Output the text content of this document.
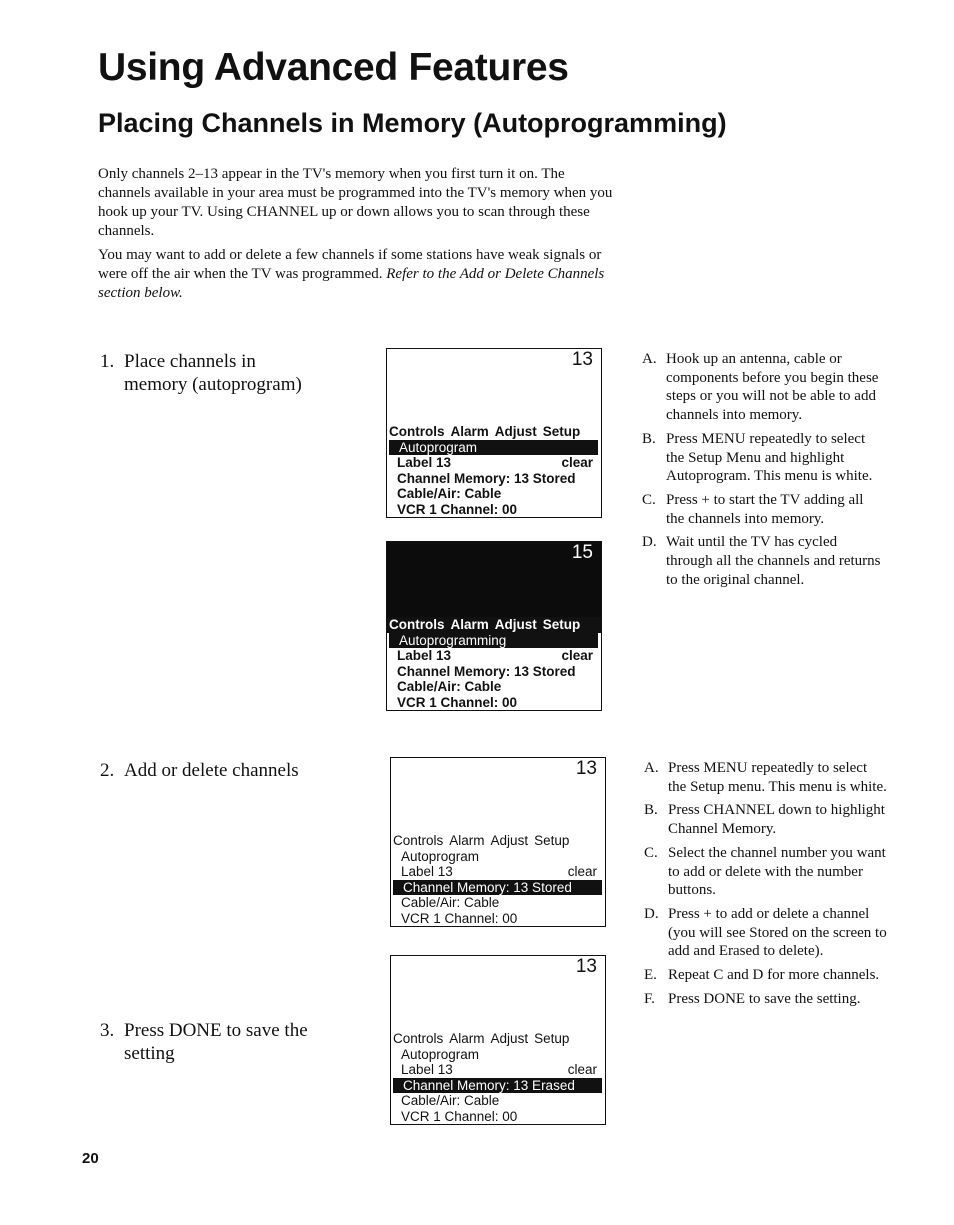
Using Advanced Features
Placing Channels in Memory (Autoprogramming)
Only channels 2–13 appear in the TV's memory when you first turn it on. The channels available in your area must be programmed into the TV's memory when you hook up your TV. Using CHANNEL up or down allows you to scan through these channels.
You may want to add or delete a few channels if some stations have weak signals or were off the air when the TV was programmed. Refer to the Add or Delete Channels section below.
1. Place channels in
memory (autoprogram)
2. Add or delete channels
3. Press DONE to save the
setting
13
Controls Alarm Adjust Setup
Autoprogram
Label 13	clear
Channel Memory: 13 Stored
Cable/Air: Cable
VCR 1 Channel: 00
15
Controls Alarm Adjust Setup
Autoprogramming
Label 13	clear
Channel Memory: 13 Stored
Cable/Air: Cable
VCR 1 Channel: 00
13
Controls Alarm Adjust Setup
Autoprogram
Label 13	clear
Channel Memory: 13 Stored
Cable/Air: Cable
VCR 1 Channel: 00
13
Controls Alarm Adjust Setup
Autoprogram
Label 13	clear
Channel Memory: 13 Erased
Cable/Air: Cable
VCR 1 Channel: 00
A. Hook up an antenna, cable or components before you begin these steps or you will not be able to add channels into memory.
B. Press MENU repeatedly to select the Setup Menu and highlight Autoprogram. This menu is white.
C. Press + to start the TV adding all the channels into memory.
D. Wait until the TV has cycled through all the channels and returns to the original channel.
A. Press MENU repeatedly to select the Setup menu. This menu is white.
B. Press CHANNEL down to highlight Channel Memory.
C. Select the channel number you want to add or delete with the number buttons.
D. Press + to add or delete a channel (you will see Stored on the screen to add and Erased to delete).
E. Repeat C and D for more channels.
F. Press DONE to save the setting.
20
